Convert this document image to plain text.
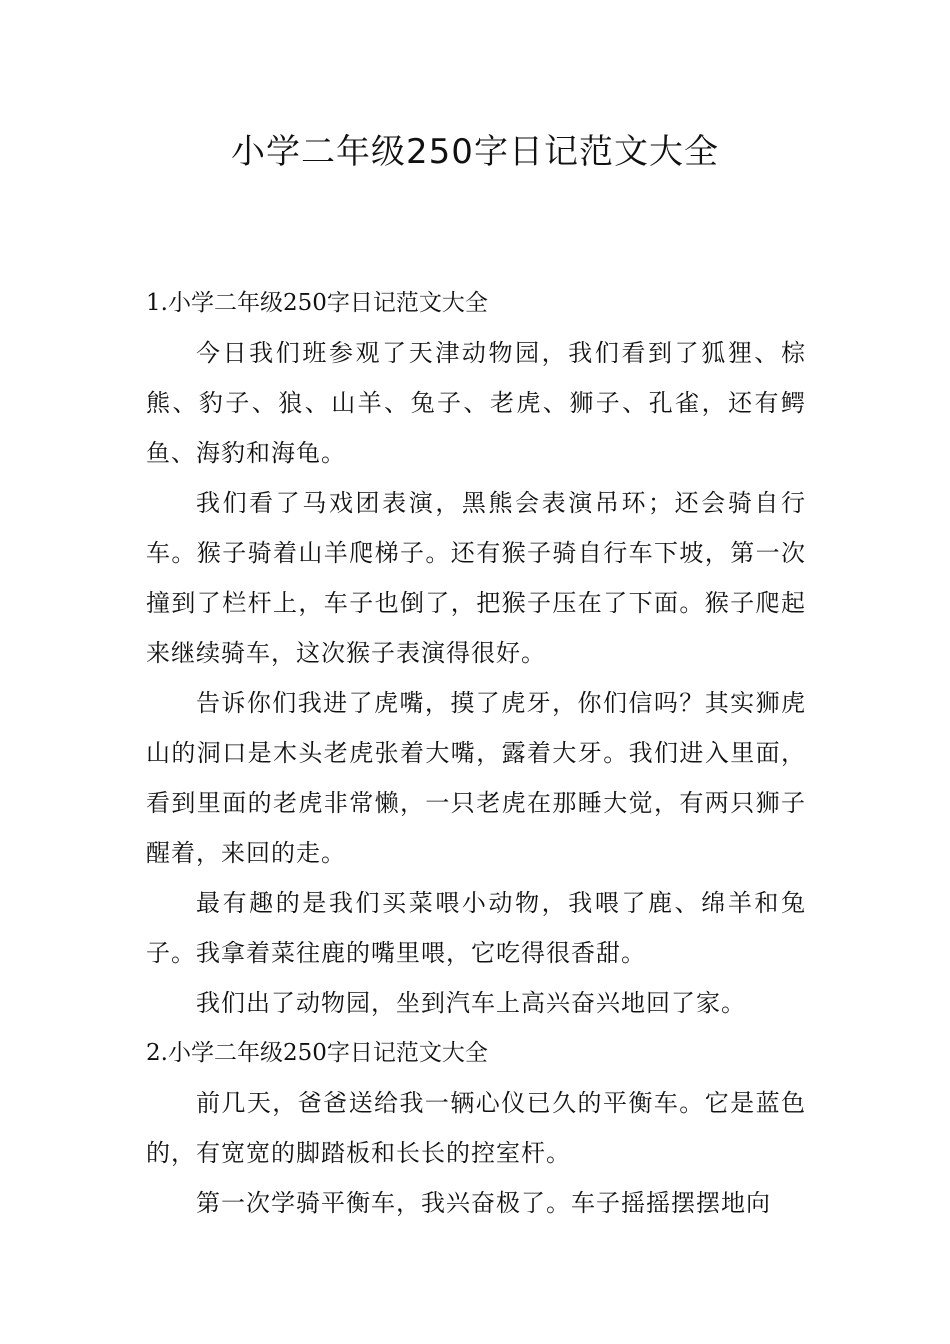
小学二年级250字日记范文大全
1.小学二年级250字日记范文大全

今日我们班参观了天津动物园，我们看到了狐狸、棕熊、豹子、狼、山羊、兔子、老虎、狮子、孔雀，还有鳄鱼、海豹和海龟。

我们看了马戏团表演，黑熊会表演吊环；还会骑自行车。猴子骑着山羊爬梯子。还有猴子骑自行车下坡，第一次撞到了栏杆上，车子也倒了，把猴子压在了下面。猴子爬起来继续骑车，这次猴子表演得很好。

告诉你们我进了虎嘴，摸了虎牙，你们信吗？其实狮虎山的洞口是木头老虎张着大嘴，露着大牙。我们进入里面，看到里面的老虎非常懒，一只老虎在那睡大觉，有两只狮子醒着，来回的走。

最有趣的是我们买菜喂小动物，我喂了鹿、绵羊和兔子。我拿着菜往鹿的嘴里喂，它吃得很香甜。

我们出了动物园，坐到汽车上高兴奋兴地回了家。

2.小学二年级250字日记范文大全

前几天，爸爸送给我一辆心仪已久的平衡车。它是蓝色的，有宽宽的脚踏板和长长的控室杆。

第一次学骑平衡车，我兴奋极了。车子摇摇摆摆地向
